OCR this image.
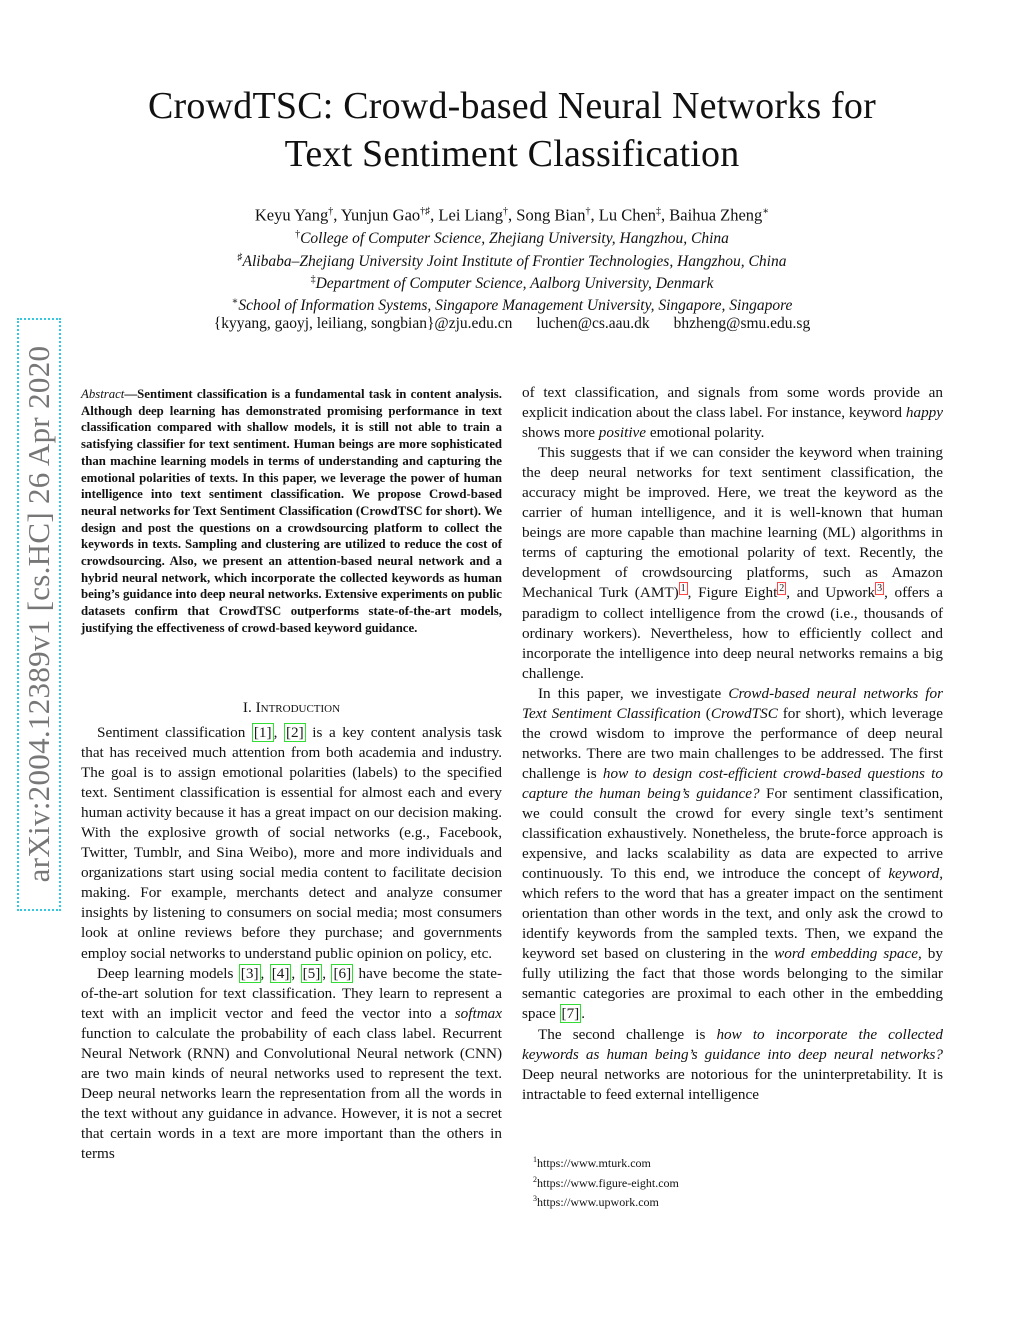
CrowdTSC: Crowd-based Neural Networks for
Text Sentiment Classification
Keyu Yang†, Yunjun Gao†♯, Lei Liang†, Song Bian†, Lu Chen‡, Baihua Zheng∗
†College of Computer Science, Zhejiang University, Hangzhou, China
♯Alibaba–Zhejiang University Joint Institute of Frontier Technologies, Hangzhou, China
‡Department of Computer Science, Aalborg University, Denmark
∗School of Information Systems, Singapore Management University, Singapore, Singapore
{kyyang, gaoyj, leiliang, songbian}@zju.edu.cn luchen@cs.aau.dk bhzheng@smu.edu.sg
arXiv:2004.12389v1 [cs.HC] 26 Apr 2020 Abstract—Sentiment classification is a fundamental task in content analysis. Although deep learning has demonstrated promising performance in text classification compared with shallow models, it is still not able to train a satisfying classifier for text sentiment. Human beings are more sophisticated than machine learning models in terms of understanding and capturing the emotional polarities of texts. In this paper, we leverage the power of human intelligence into text sentiment classification. We propose Crowd-based neural networks for Text Sentiment Classification (CrowdTSC for short). We design and post the questions on a crowdsourcing platform to collect the keywords in texts. Sampling and clustering are utilized to reduce the cost of crowdsourcing. Also, we present an attention-based neural network and a hybrid neural network, which incorporate the collected keywords as human being’s guidance into deep neural networks. Extensive experiments on public datasets confirm that CrowdTSC outperforms state-of-the-art models, justifying the effectiveness of crowd-based keyword guidance.
I. Introduction

Sentiment classification [1] , [2] is a key content analysis task that has received much attention from both academia and industry. The goal is to assign emotional polarities (labels) to the specified text. Sentiment classification is essential for almost each and every human activity because it has a great impact on our decision making. With the explosive growth of social networks (e.g., Facebook, Twitter, Tumblr, and Sina Weibo), more and more individuals and organizations start using social media content to facilitate decision making. For example, merchants detect and analyze consumer insights by listening to consumers on social media; most consumers look at online reviews before they purchase; and governments employ social networks to understand public opinion on policy, etc.

Deep learning models [3] , [4] , [5] , [6] have become the state-of-the-art solution for text classification. They learn to represent a text with an implicit vector and feed the vector into a softmax function to calculate the probability of each class label. Recurrent Neural Network (RNN) and Convolutional Neural network (CNN) are two main kinds of neural networks used to represent the text. Deep neural networks learn the representation from all the words in the text without any guidance in advance. However, it is not a secret that certain words in a text are more important than the others in terms

of text classification, and signals from some words provide an explicit indication about the class label. For instance, keyword happy shows more positive emotional polarity.

This suggests that if we can consider the keyword when training the deep neural networks for text sentiment classification, the accuracy might be improved. Here, we treat the keyword as the carrier of human intelligence, and it is well-known that human beings are more capable than machine learning (ML) algorithms in terms of capturing the emotional polarity of text. Recently, the development of crowdsourcing platforms, such as Amazon Mechanical Turk (AMT) $^1$ , Figure Eight $^2$ , and Upwork $^3$ , offers a paradigm to collect intelligence from the crowd (i.e., thousands of ordinary workers). Nevertheless, how to efficiently collect and incorporate the intelligence into deep neural networks remains a big challenge.

In this paper, we investigate Crowd-based neural networks for Text Sentiment Classification (CrowdTSC for short), which leverage the crowd wisdom to improve the performance of deep neural networks. There are two main challenges to be addressed. The first challenge is how to design cost-efficient crowd-based questions to capture the human being’s guidance? For sentiment classification, we could consult the crowd for every single text’s sentiment classification exhaustively. Nonetheless, the brute-force approach is expensive, and lacks scalability as data are expected to arrive continuously. To this end, we introduce the concept of keyword, which refers to the word that has a greater impact on the sentiment orientation than other words in the text, and only ask the crowd to identify keywords from the sampled texts. Then, we expand the keyword set based on clustering in the word embedding space, by fully utilizing the fact that those words belonging to the similar semantic categories are proximal to each other in the embedding space [7] .

The second challenge is how to incorporate the collected keywords as human being’s guidance into deep neural networks? Deep neural networks are notorious for the uninterpretability. It is intractable to feed external intelligence

$^1$https://www.mturk.com
$^2$https://www.figure-eight.com
$^3$https://www.upwork.com
